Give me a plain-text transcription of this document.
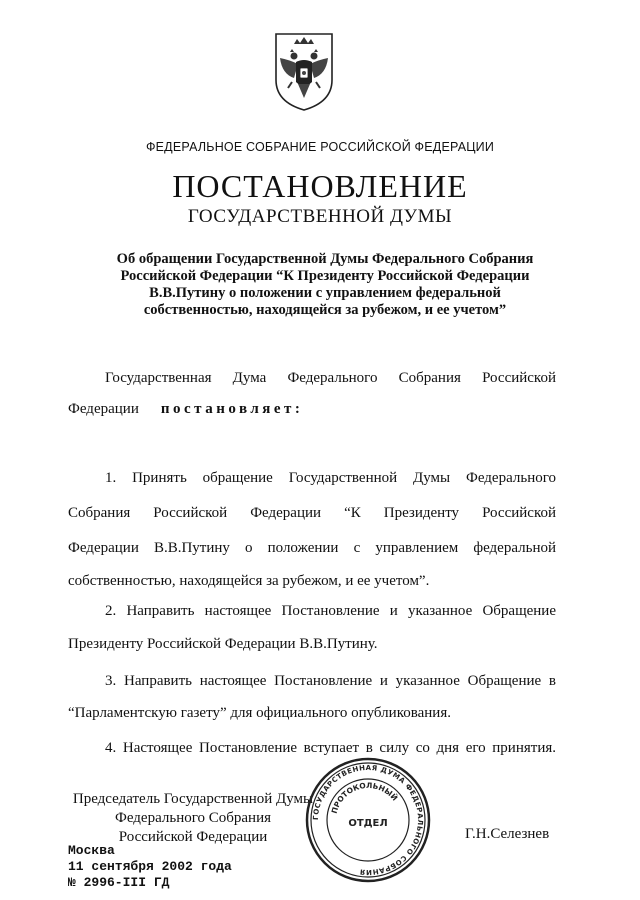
ФЕДЕРАЛЬНОЕ СОБРАНИЕ РОССИЙСКОЙ ФЕДЕРАЦИИ
ПОСТАНОВЛЕНИЕ
ГОСУДАРСТВЕННОЙ ДУМЫ
Об обращении Государственной Думы Федерального Собрания
Российской Федерации “К Президенту Российской Федерации
В.В.Путину о положении с управлением федеральной
собственностью, находящейся за рубежом, и ее учетом”
Государственная Дума Федерального Собрания Российской
Федерации постановляет:
1. Принять обращение Государственной Думы Федерального
Собрания Российской Федерации “К Президенту Российской
Федерации В.В.Путину о положении с управлением федеральной
собственностью, находящейся за рубежом, и ее учетом”.
2. Направить настоящее Постановление и указанное Обращение
Президенту Российской Федерации В.В.Путину.
3. Направить настоящее Постановление и указанное Обращение в
“Парламентскую газету” для официального опубликования.
4. Настоящее Постановление вступает в силу со дня его принятия.
Председатель Государственной Думы
Федерального Собрания
Российской Федерации	Г.Н.Селезнев
ГОСУДАРСТВЕННАЯ ДУМА ФЕДЕРАЛЬНОГО СОБРАНИЯ
ПРОТОКОЛЬНЫЙ
ОТДЕЛ
Москва
11 сентября 2002 года
№ 2996-III ГД
